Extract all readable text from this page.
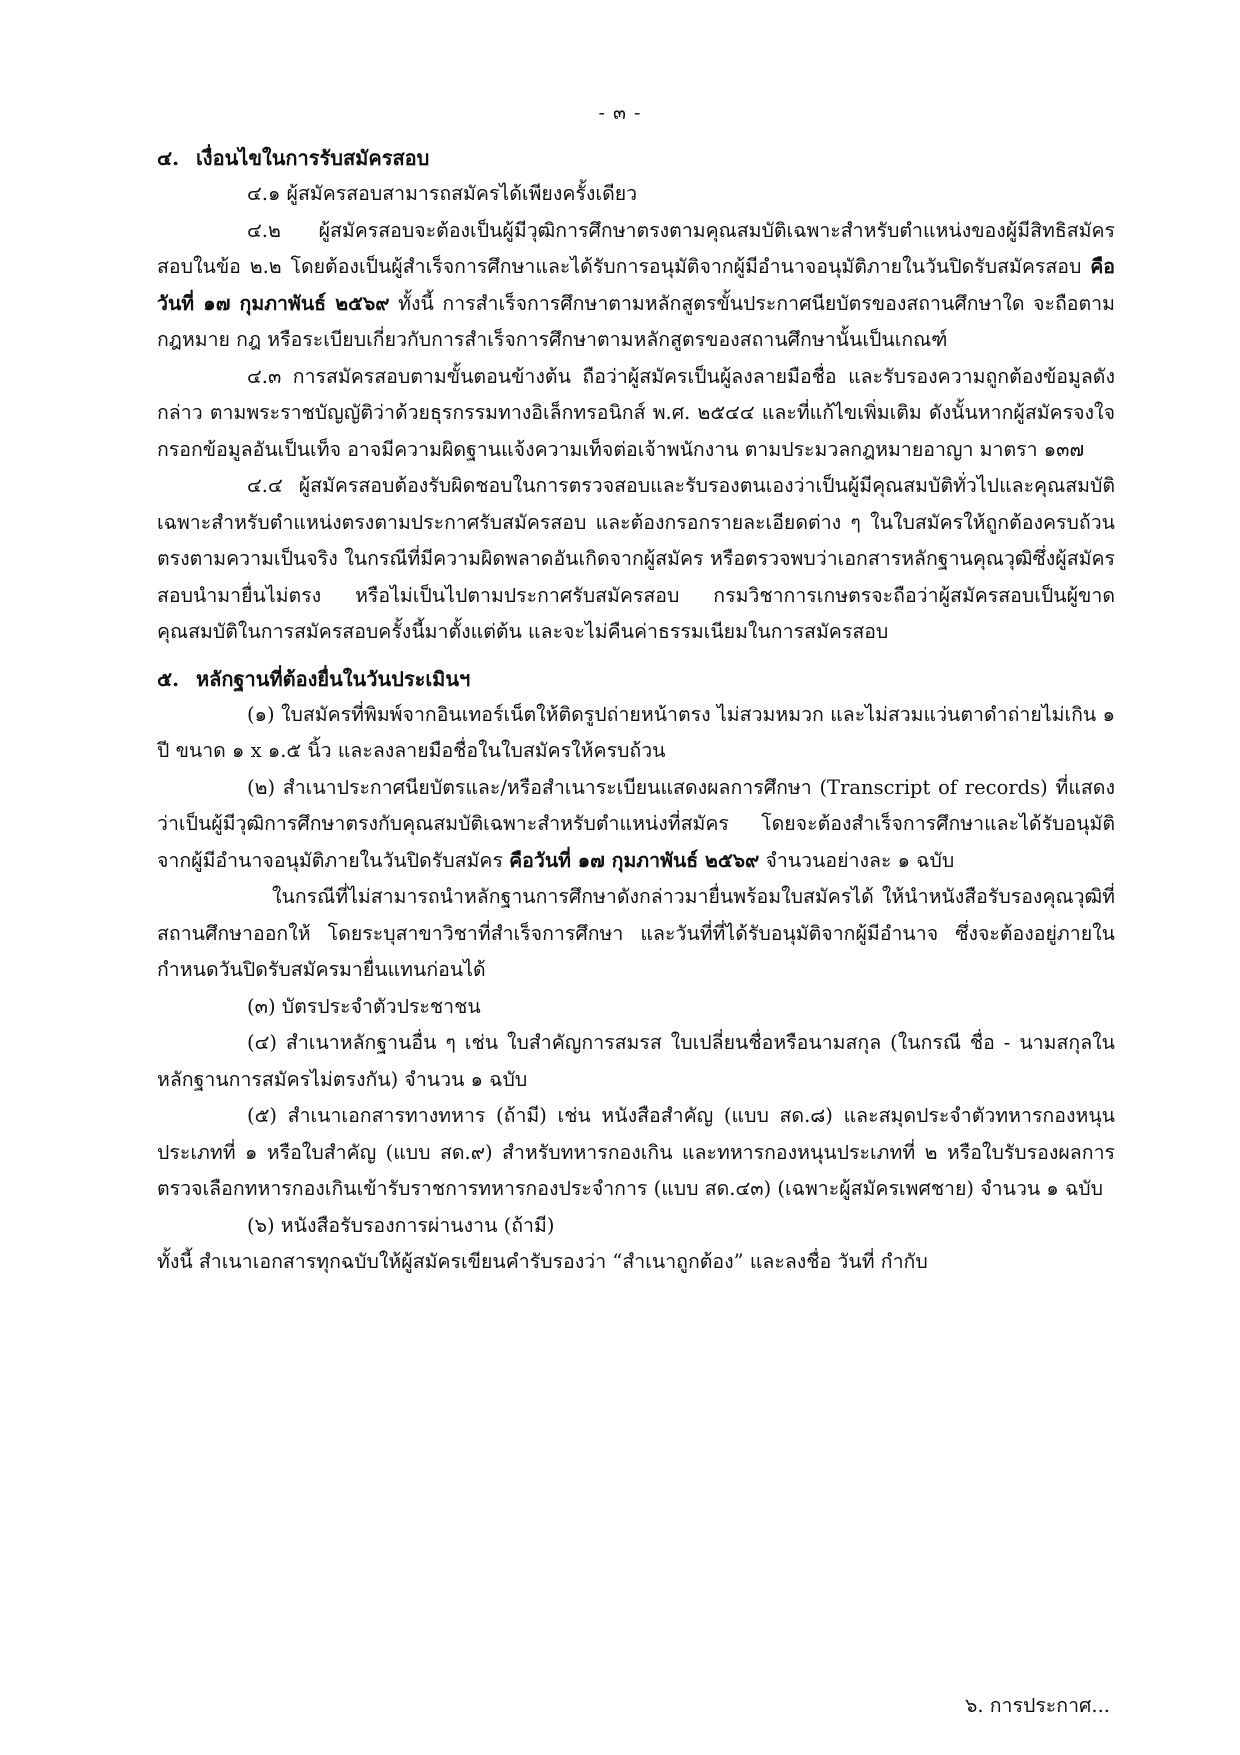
- ๓ -
๔. เงื่อนไขในการรับสมัครสอบ

๔.๑ ผู้สมัครสอบสามารถสมัครได้เพียงครั้งเดียว

๔.๒ ผู้สมัครสอบจะต้องเป็นผู้มีวุฒิการศึกษาตรงตามคุณสมบัติเฉพาะสำหรับตำแหน่งของผู้มีสิทธิสมัครสอบในข้อ ๒.๒ โดยต้องเป็นผู้สำเร็จการศึกษาและได้รับการอนุมัติจากผู้มีอำนาจอนุมัติภายในวันปิดรับสมัครสอบ คือวันที่ ๑๗ กุมภาพันธ์ ๒๕๖๙ ทั้งนี้ การสำเร็จการศึกษาตามหลักสูตรขั้นประกาศนียบัตรของสถานศึกษาใด จะถือตามกฎหมาย กฎ หรือระเบียบเกี่ยวกับการสำเร็จการศึกษาตามหลักสูตรของสถานศึกษานั้นเป็นเกณฑ์

๔.๓ การสมัครสอบตามขั้นตอนข้างต้น ถือว่าผู้สมัครเป็นผู้ลงลายมือชื่อ และรับรองความถูกต้องข้อมูลดังกล่าว ตามพระราชบัญญัติว่าด้วยธุรกรรมทางอิเล็กทรอนิกส์ พ.ศ. ๒๕๔๔ และที่แก้ไขเพิ่มเติม ดังนั้นหากผู้สมัครจงใจกรอกข้อมูลอันเป็นเท็จ อาจมีความผิดฐานแจ้งความเท็จต่อเจ้าพนักงาน ตามประมวลกฎหมายอาญา มาตรา ๑๓๗

๔.๔ ผู้สมัครสอบต้องรับผิดชอบในการตรวจสอบและรับรองตนเองว่าเป็นผู้มีคุณสมบัติทั่วไปและคุณสมบัติเฉพาะสำหรับตำแหน่งตรงตามประกาศรับสมัครสอบ และต้องกรอกรายละเอียดต่าง ๆ ในใบสมัครให้ถูกต้องครบถ้วนตรงตามความเป็นจริง ในกรณีที่มีความผิดพลาดอันเกิดจากผู้สมัคร หรือตรวจพบว่าเอกสารหลักฐานคุณวุฒิซึ่งผู้สมัครสอบนำมายื่นไม่ตรง หรือไม่เป็นไปตามประกาศรับสมัครสอบ กรมวิชาการเกษตรจะถือว่าผู้สมัครสอบเป็นผู้ขาดคุณสมบัติในการสมัครสอบครั้งนี้มาตั้งแต่ต้น และจะไม่คืนค่าธรรมเนียมในการสมัครสอบ

๕. หลักฐานที่ต้องยื่นในวันประเมินฯ

(๑) ใบสมัครที่พิมพ์จากอินเทอร์เน็ตให้ติดรูปถ่ายหน้าตรง ไม่สวมหมวก และไม่สวมแว่นตาดำถ่ายไม่เกิน ๑ ปี ขนาด ๑ x ๑.๕ นิ้ว และลงลายมือชื่อในใบสมัครให้ครบถ้วน

(๒) สำเนาประกาศนียบัตรและ/หรือสำเนาระเบียนแสดงผลการศึกษา (Transcript of records) ที่แสดงว่าเป็นผู้มีวุฒิการศึกษาตรงกับคุณสมบัติเฉพาะสำหรับตำแหน่งที่สมัคร โดยจะต้องสำเร็จการศึกษาและได้รับอนุมัติจากผู้มีอำนาจอนุมัติภายในวันปิดรับสมัคร คือวันที่ ๑๗ กุมภาพันธ์ ๒๕๖๙ จำนวนอย่างละ ๑ ฉบับ

ในกรณีที่ไม่สามารถนำหลักฐานการศึกษาดังกล่าวมายื่นพร้อมใบสมัครได้ ให้นำหนังสือรับรองคุณวุฒิที่สถานศึกษาออกให้ โดยระบุสาขาวิชาที่สำเร็จการศึกษา และวันที่ที่ได้รับอนุมัติจากผู้มีอำนาจ ซึ่งจะต้องอยู่ภายในกำหนดวันปิดรับสมัครมายื่นแทนก่อนได้

(๓) บัตรประจำตัวประชาชน

(๔) สำเนาหลักฐานอื่น ๆ เช่น ใบสำคัญการสมรส ใบเปลี่ยนชื่อหรือนามสกุล (ในกรณี ชื่อ - นามสกุลในหลักฐานการสมัครไม่ตรงกัน) จำนวน ๑ ฉบับ

(๕) สำเนาเอกสารทางทหาร (ถ้ามี) เช่น หนังสือสำคัญ (แบบ สด.๘) และสมุดประจำตัวทหารกองหนุน ประเภทที่ ๑ หรือใบสำคัญ (แบบ สด.๙) สำหรับทหารกองเกิน และทหารกองหนุนประเภทที่ ๒ หรือใบรับรองผลการตรวจเลือกทหารกองเกินเข้ารับราชการทหารกองประจำการ (แบบ สด.๔๓) (เฉพาะผู้สมัครเพศชาย) จำนวน ๑ ฉบับ

(๖) หนังสือรับรองการผ่านงาน (ถ้ามี)

ทั้งนี้ สำเนาเอกสารทุกฉบับให้ผู้สมัครเขียนคำรับรองว่า “สำเนาถูกต้อง” และลงชื่อ วันที่ กำกับ

๖. การประกาศ...
